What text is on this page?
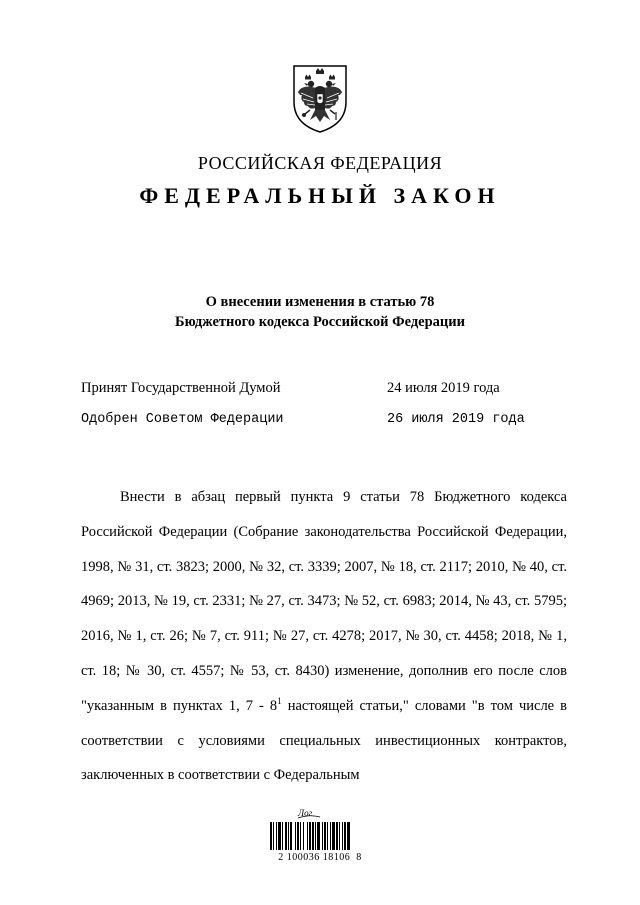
РОССИЙСКАЯ ФЕДЕРАЦИЯ
ФЕДЕРАЛЬНЫЙ ЗАКОН
О внесении изменения в статью 78
Бюджетного кодекса Российской Федерации
Принят Государственной Думой	24 июля 2019 года
Одобрен Советом Федерации	26 июля 2019 года

Внести в абзац первый пункта 9 статьи 78 Бюджетного кодекса Российской Федерации (Собрание законодательства Российской Федерации, 1998, № 31, ст. 3823; 2000, № 32, ст. 3339; 2007, № 18, ст. 2117; 2010, № 40, ст. 4969; 2013, № 19, ст. 2331; № 27, ст. 3473; № 52, ст. 6983; 2014, № 43, ст. 5795; 2016, № 1, ст. 26; № 7, ст. 911; № 27, ст. 4278; 2017, № 30, ст. 4458; 2018, № 1, ст. 18; № 30, ст. 4557; № 53, ст. 8430) изменение, дополнив его после слов "указанным в пунктах 1, $7 - 8^1$ настоящей статьи," словами "в том числе в соответствии с условиями специальных инвестиционных контрактов, заключенных в соответствии с Федеральным

Лог
2 100036 18106  8
